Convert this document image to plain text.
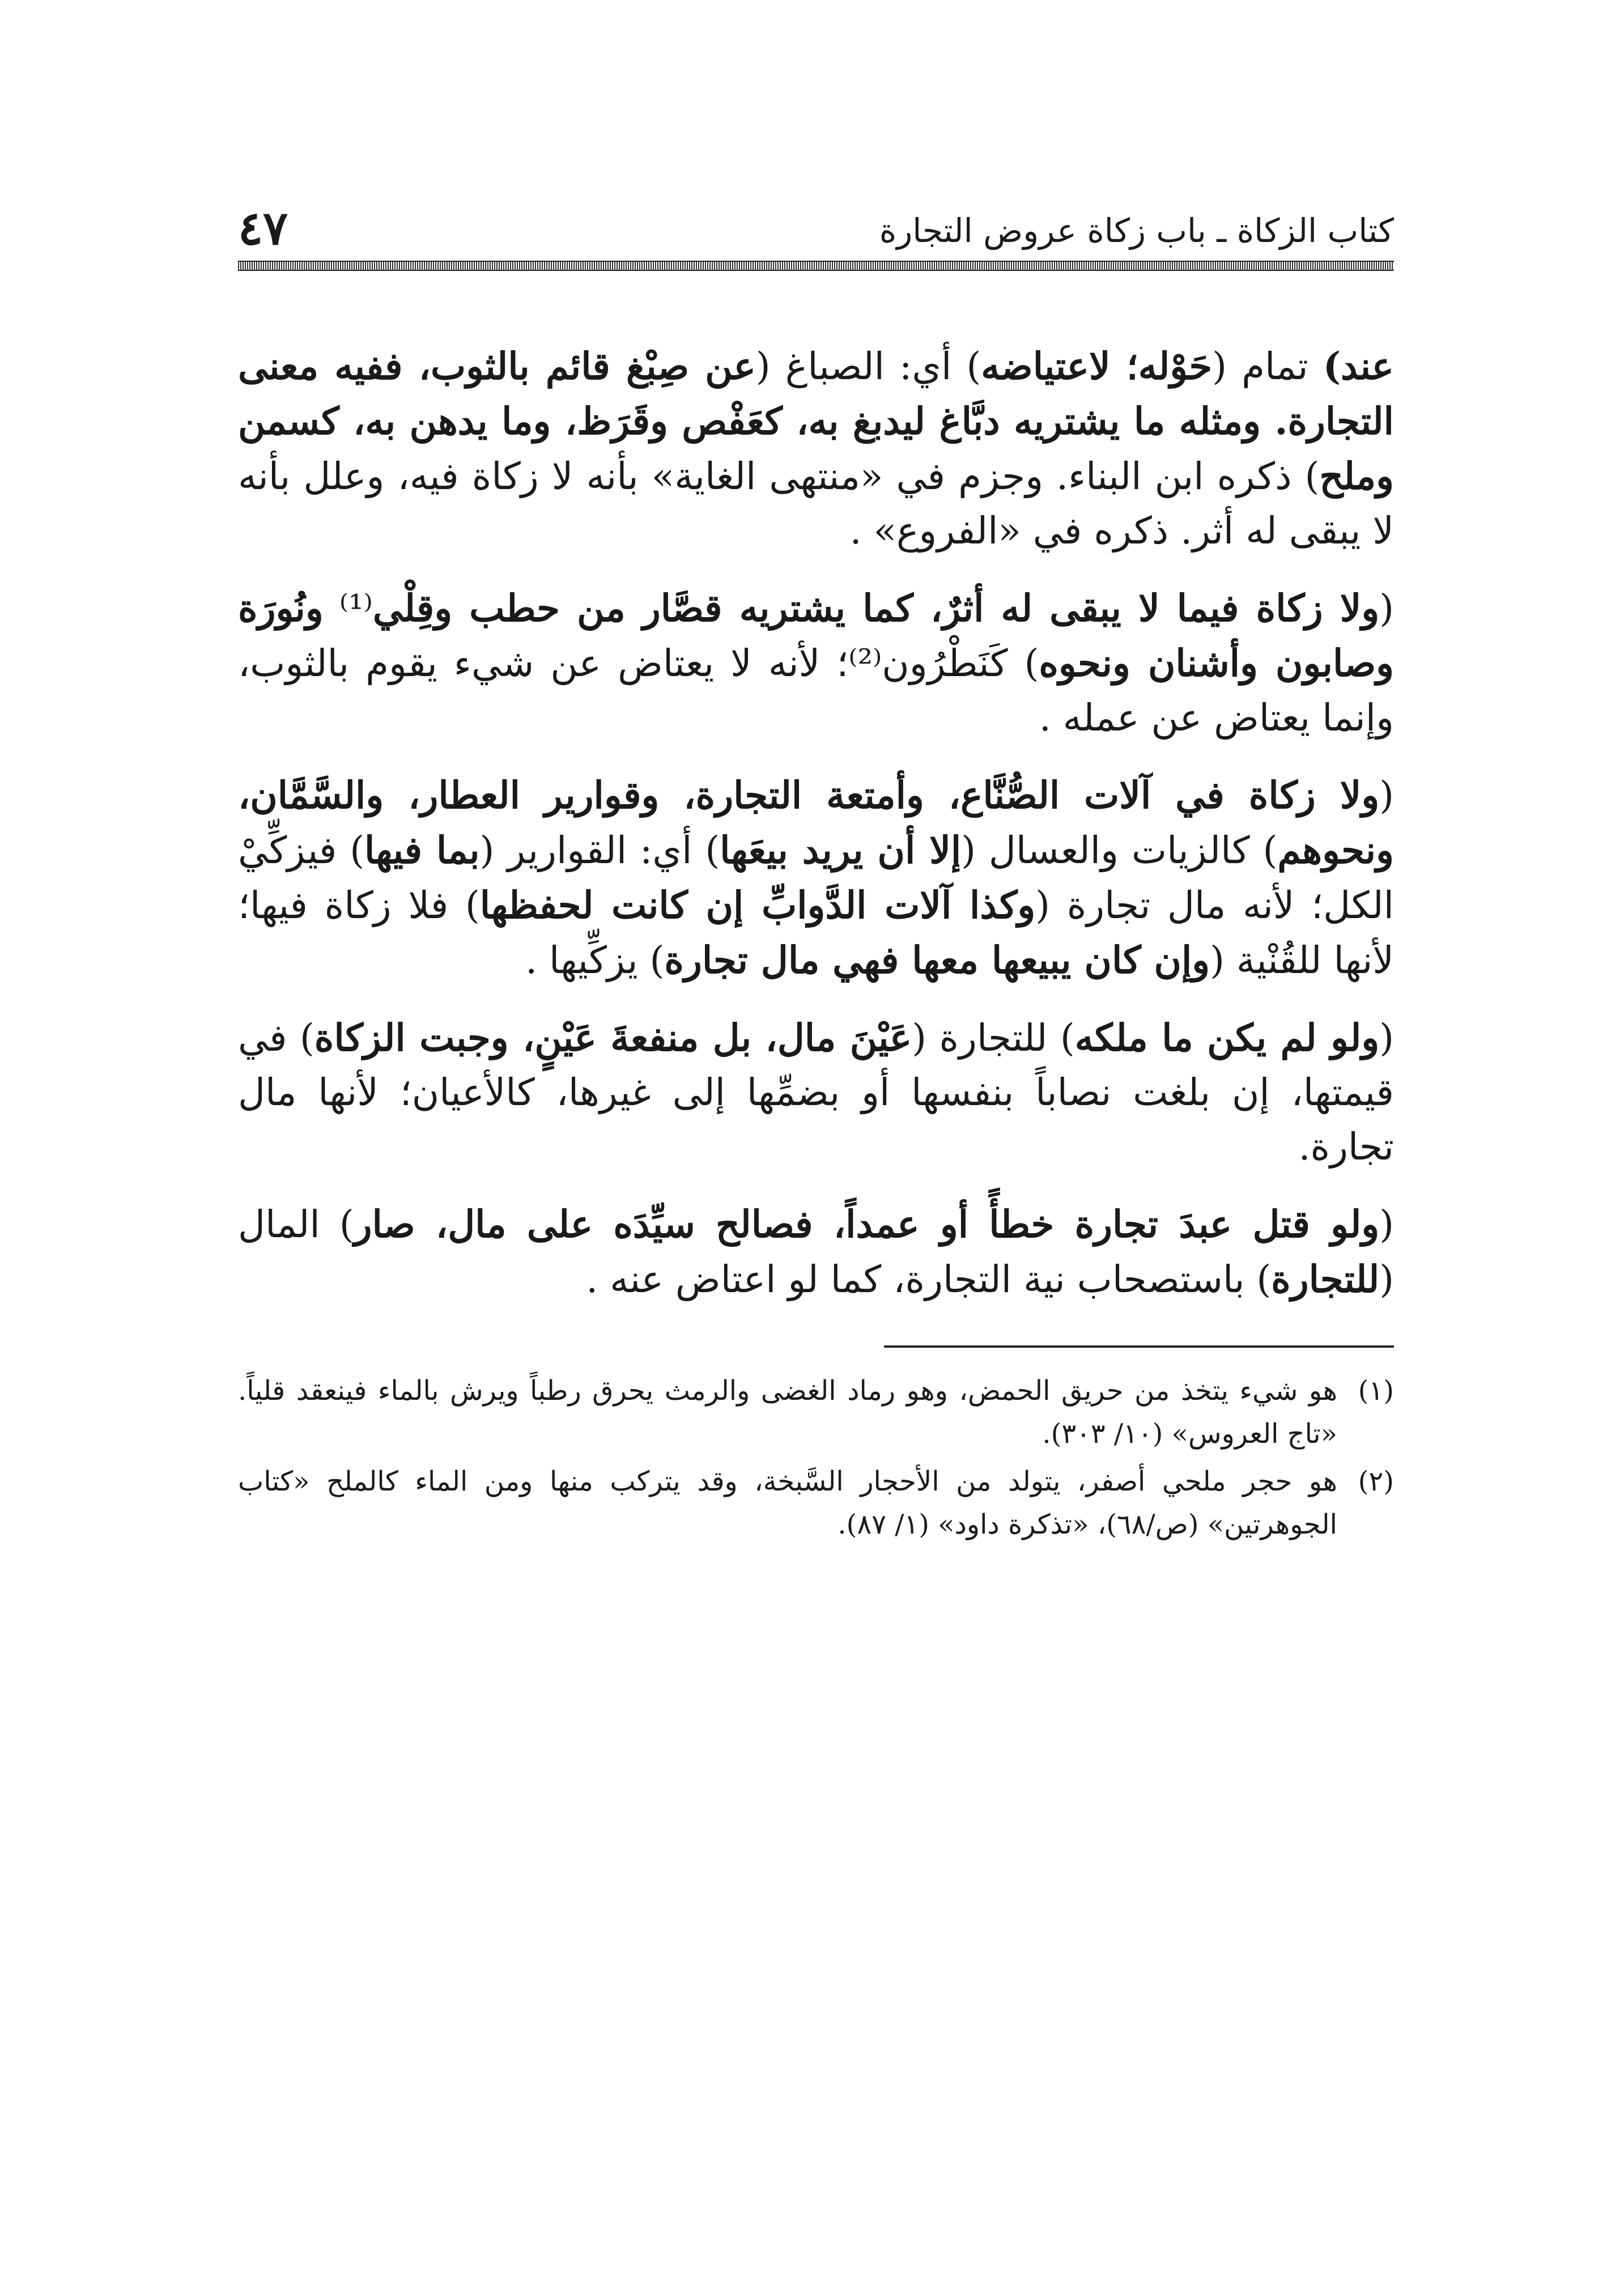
كتاب الزكاة ـ باب زكاة عروض التجارة
٤٧

عند) تمام (حَوْله؛ لاعتياضه) أي: الصباغ (عن صِبْغ قائم بالثوب، ففيه معنى التجارة. ومثله ما يشتريه دبَّاغ ليدبغ به، كعَفْص وقَرَظ، وما يدهن به، كسمن وملح) ذكره ابن البناء. وجزم في «منتهى الغاية» بأنه لا زكاة فيه، وعلل بأنه لا يبقى له أثر. ذكره في «الفروع» .

(ولا زكاة فيما لا يبقى له أثرٌ، كما يشتريه قصَّار من حطب وقِلْي⁽¹⁾ ونُورَة وصابون وأشنان ونحوه) كَنَطْرُون⁽²⁾؛ لأنه لا يعتاض عن شيء يقوم بالثوب، وإنما يعتاض عن عمله .

(ولا زكاة في آلات الصُّنَّاع، وأمتعة التجارة، وقوارير العطار، والسَّمَّان، ونحوهم) كالزيات والعسال (إلا أن يريد بيعَها) أي: القوارير (بما فيها) فيزكِّيْ الكل؛ لأنه مال تجارة (وكذا آلات الدَّوابِّ إن كانت لحفظها) فلا زكاة فيها؛ لأنها للقُنْية (وإن كان يبيعها معها فهي مال تجارة) يزكِّيها .

(ولو لم يكن ما ملكه) للتجارة (عَيْنَ مال، بل منفعةَ عَيْنٍ، وجبت الزكاة) في قيمتها، إن بلغت نصاباً بنفسها أو بضمِّها إلى غيرها، كالأعيان؛ لأنها مال تجارة.

(ولو قتل عبدَ تجارة خطأً أو عمداً، فصالح سيِّدَه على مال، صار) المال (للتجارة) باستصحاب نية التجارة، كما لو اعتاض عنه .

(١)
هو شيء يتخذ من حريق الحمض، وهو رماد الغضى والرمث يحرق رطباً ويرش بالماء فينعقد قلياً. «تاج العروس» (١٠/ ٣٠٣).
(٢)
هو حجر ملحي أصفر، يتولد من الأحجار السَّبخة، وقد يتركب منها ومن الماء كالملح «كتاب الجوهرتين» (ص/٦٨)، «تذكرة داود» (١/ ٨٧).
